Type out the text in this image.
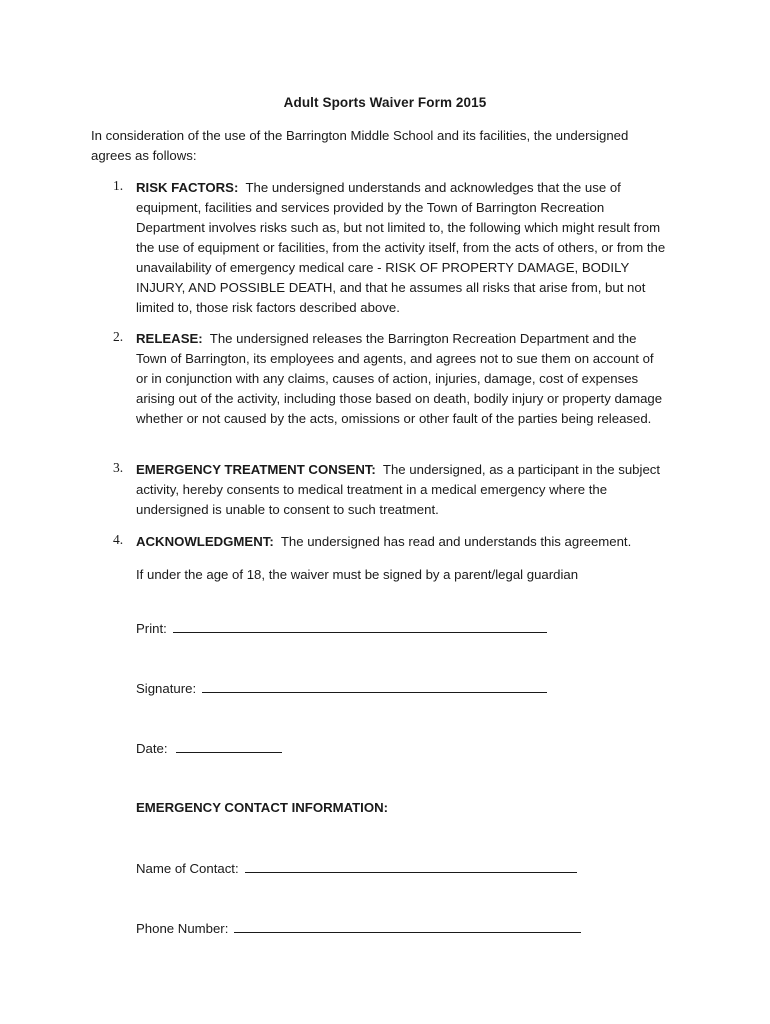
Adult Sports Waiver Form 2015
In consideration of the use of the Barrington Middle School and its facilities, the undersigned agrees as follows:
1. RISK FACTORS: The undersigned understands and acknowledges that the use of equipment, facilities and services provided by the Town of Barrington Recreation Department involves risks such as, but not limited to, the following which might result from the use of equipment or facilities, from the activity itself, from the acts of others, or from the unavailability of emergency medical care - RISK OF PROPERTY DAMAGE, BODILY INJURY, AND POSSIBLE DEATH, and that he assumes all risks that arise from, but not limited to, those risk factors described above.
2. RELEASE: The undersigned releases the Barrington Recreation Department and the Town of Barrington, its employees and agents, and agrees not to sue them on account of or in conjunction with any claims, causes of action, injuries, damage, cost of expenses arising out of the activity, including those based on death, bodily injury or property damage whether or not caused by the acts, omissions or other fault of the parties being released.
3. EMERGENCY TREATMENT CONSENT: The undersigned, as a participant in the subject activity, hereby consents to medical treatment in a medical emergency where the undersigned is unable to consent to such treatment.
4. ACKNOWLEDGMENT: The undersigned has read and understands this agreement.
If under the age of 18, the waiver must be signed by a parent/legal guardian
Print:
Signature:
Date:
EMERGENCY CONTACT INFORMATION:
Name of Contact:
Phone Number:
